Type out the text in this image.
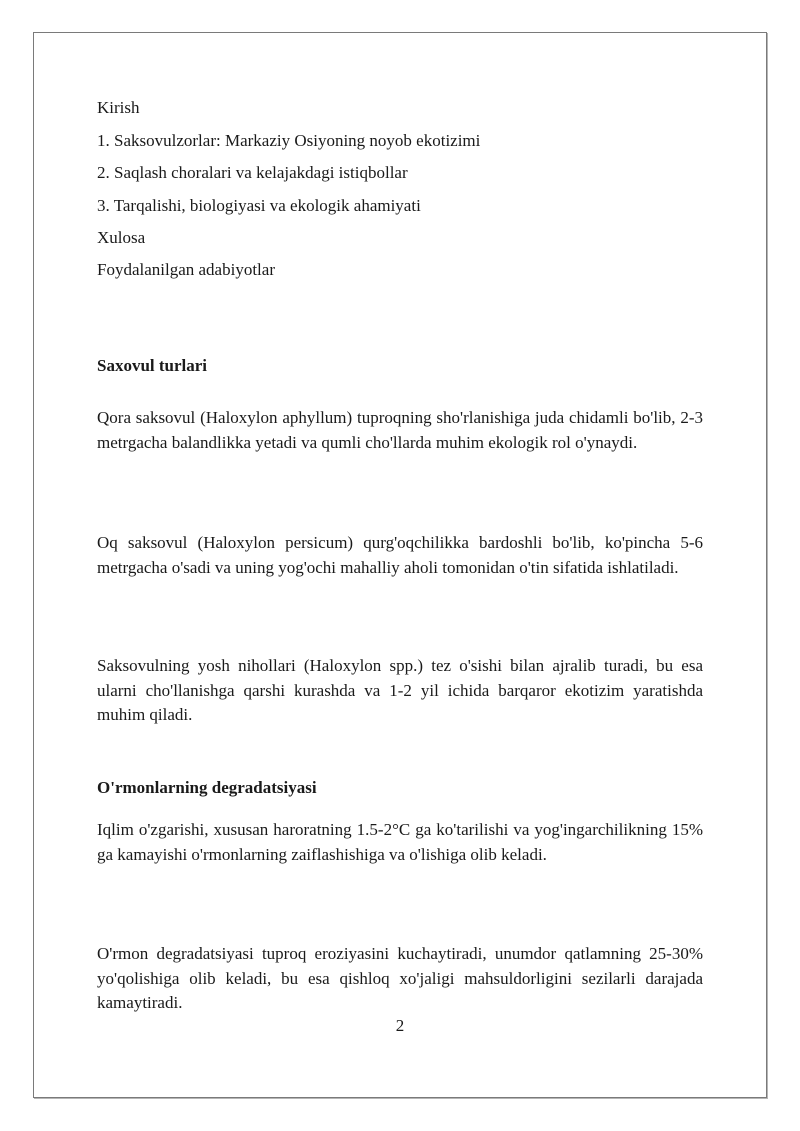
Kirish
1. Saksovulzorlar: Markaziy Osiyoning noyob ekotizimi
2. Saqlash choralari va kelajakdagi istiqbollar
3. Tarqalishi, biologiyasi va ekologik ahamiyati
Xulosa
Foydalanilgan adabiyotlar
Saxovul turlari

Qora saksovul (Haloxylon aphyllum) tuproqning sho'rlanishiga juda chidamli bo'lib, 2-3 metrgacha balandlikka yetadi va qumli cho'llarda muhim ekologik rol o'ynaydi.

Oq saksovul (Haloxylon persicum) qurg'oqchilikka bardoshli bo'lib, ko'pincha 5-6 metrgacha o'sadi va uning yog'ochi mahalliy aholi tomonidan o'tin sifatida ishlatiladi.

Saksovulning yosh nihollari (Haloxylon spp.) tez o'sishi bilan ajralib turadi, bu esa ularni cho'llanishga qarshi kurashda va 1-2 yil ichida barqaror ekotizim yaratishda muhim qiladi.

O'rmonlarning degradatsiyasi

Iqlim o'zgarishi, xususan haroratning 1.5-2°C ga ko'tarilishi va yog'ingarchilikning 15% ga kamayishi o'rmonlarning zaiflashishiga va o'lishiga olib keladi.

O'rmon degradatsiyasi tuproq eroziyasini kuchaytiradi, unumdor qatlamning 25-30% yo'qolishiga olib keladi, bu esa qishloq xo'jaligi mahsuldorligini sezilarli darajada kamaytiradi.

2
